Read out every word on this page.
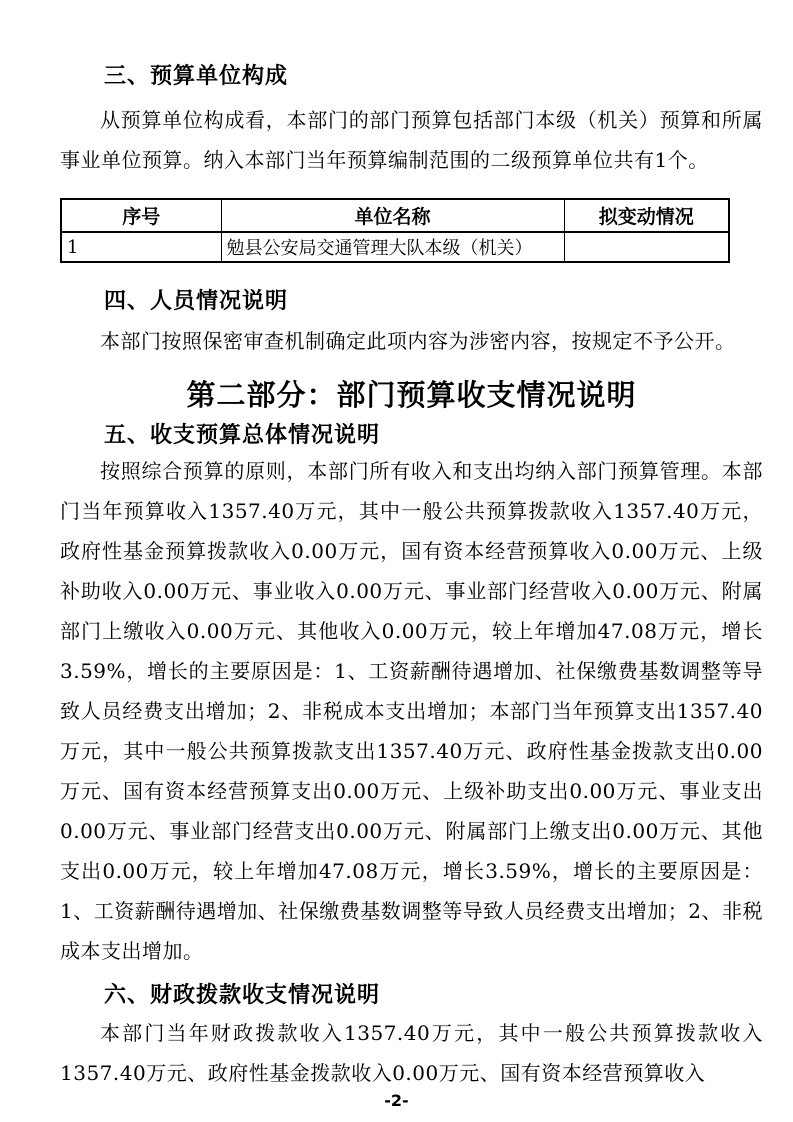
三、预算单位构成

从预算单位构成看，本部门的部门预算包括部门本级（机关）预算和所属事业单位预算。纳入本部门当年预算编制范围的二级预算单位共有1个。

序号	单位名称	拟变动情况
1	勉县公安局交通管理大队本级（机关）	
四、人员情况说明

本部门按照保密审查机制确定此项内容为涉密内容，按规定不予公开。

第二部分：部门预算收支情况说明
五、收支预算总体情况说明

按照综合预算的原则，本部门所有收入和支出均纳入部门预算管理。本部门当年预算收入1357.40万元，其中一般公共预算拨款收入1357.40万元，政府性基金预算拨款收入0.00万元，国有资本经营预算收入0.00万元、上级补助收入0.00万元、事业收入0.00万元、事业部门经营收入0.00万元、附属部门上缴收入0.00万元、其他收入0.00万元，较上年增加47.08万元，增长3.59%，增长的主要原因是：1、工资薪酬待遇增加、社保缴费基数调整等导致人员经费支出增加；2、非税成本支出增加；本部门当年预算支出1357.40万元，其中一般公共预算拨款支出1357.40万元、政府性基金拨款支出0.00万元、国有资本经营预算支出0.00万元、上级补助支出0.00万元、事业支出0.00万元、事业部门经营支出0.00万元、附属部门上缴支出0.00万元、其他支出0.00万元，较上年增加47.08万元，增长3.59%，增长的主要原因是：1、工资薪酬待遇增加、社保缴费基数调整等导致人员经费支出增加；2、非税成本支出增加。

六、财政拨款收支情况说明

本部门当年财政拨款收入1357.40万元，其中一般公共预算拨款收入1357.40万元、政府性基金拨款收入0.00万元、国有资本经营预算收入

-2-
